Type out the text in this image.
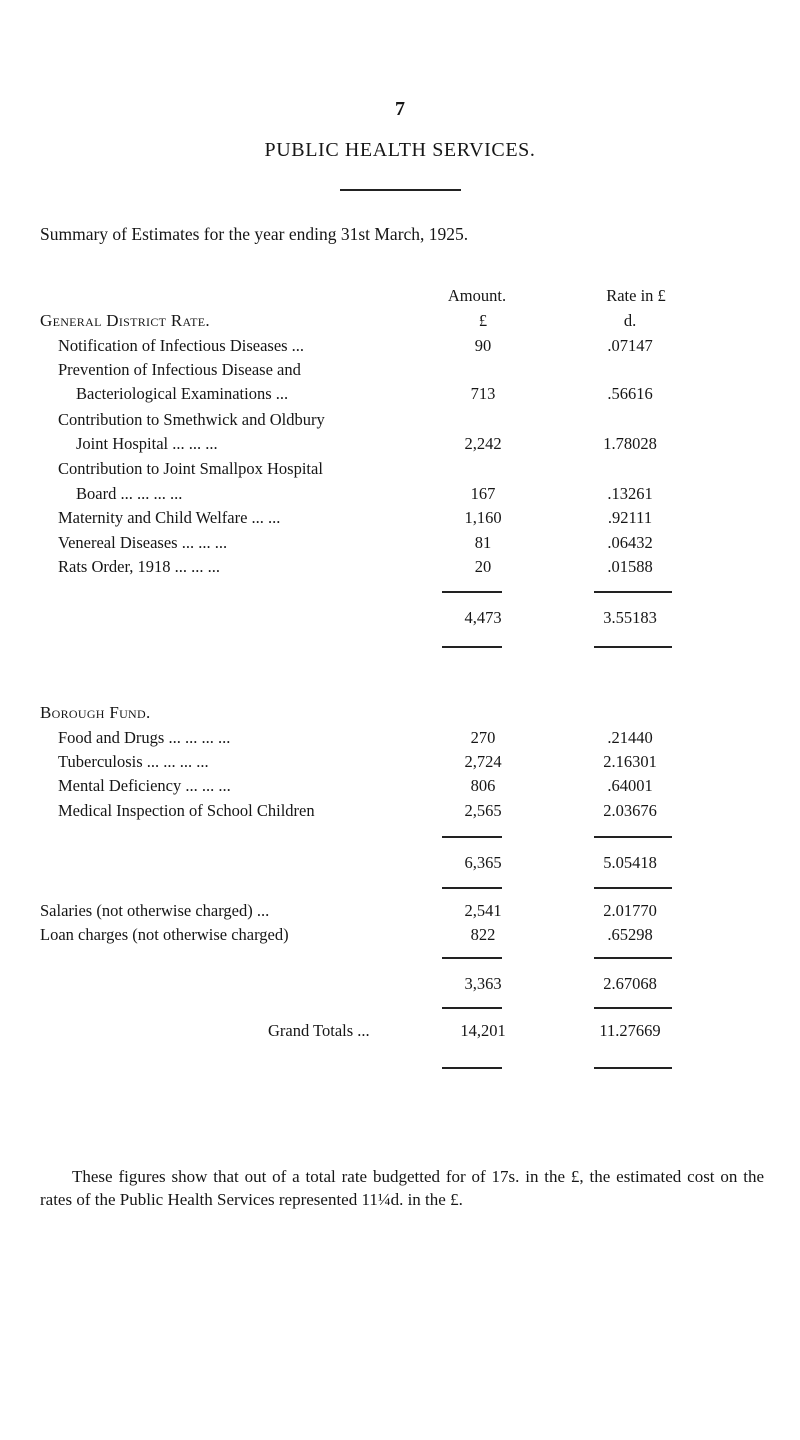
7
PUBLIC HEALTH SERVICES.
Summary of Estimates for the year ending 31st March, 1925.
Amount.	Rate in £
General District Rate.	£	d.
Notification of Infectious Diseases ...	90	.07147
Prevention of Infectious Disease and
Bacteriological Examinations ...	713	.56616
Contribution to Smethwick and Oldbury
Joint Hospital ... ... ...	2,242	1.78028
Contribution to Joint Smallpox Hospital
Board ... ... ... ...	167	.13261
Maternity and Child Welfare ... ...	1,160	.92111
Venereal Diseases ... ... ...	81	.06432
Rats Order, 1918 ... ... ...	20	.01588
4,473	3.55183
Borough Fund.
Food and Drugs ... ... ... ...	270	.21440
Tuberculosis ... ... ... ...	2,724	2.16301
Mental Deficiency ... ... ...	806	.64001
Medical Inspection of School Children	2,565	2.03676
6,365	5.05418
Salaries (not otherwise charged) ...	2,541	2.01770
Loan charges (not otherwise charged)	822	.65298
3,363	2.67068
Grand Totals ...	14,201	11.27669
These figures show that out of a total rate budgetted for of 17s. in the £, the estimated cost on the rates of the Public Health Services represented 11¼d. in the £.
